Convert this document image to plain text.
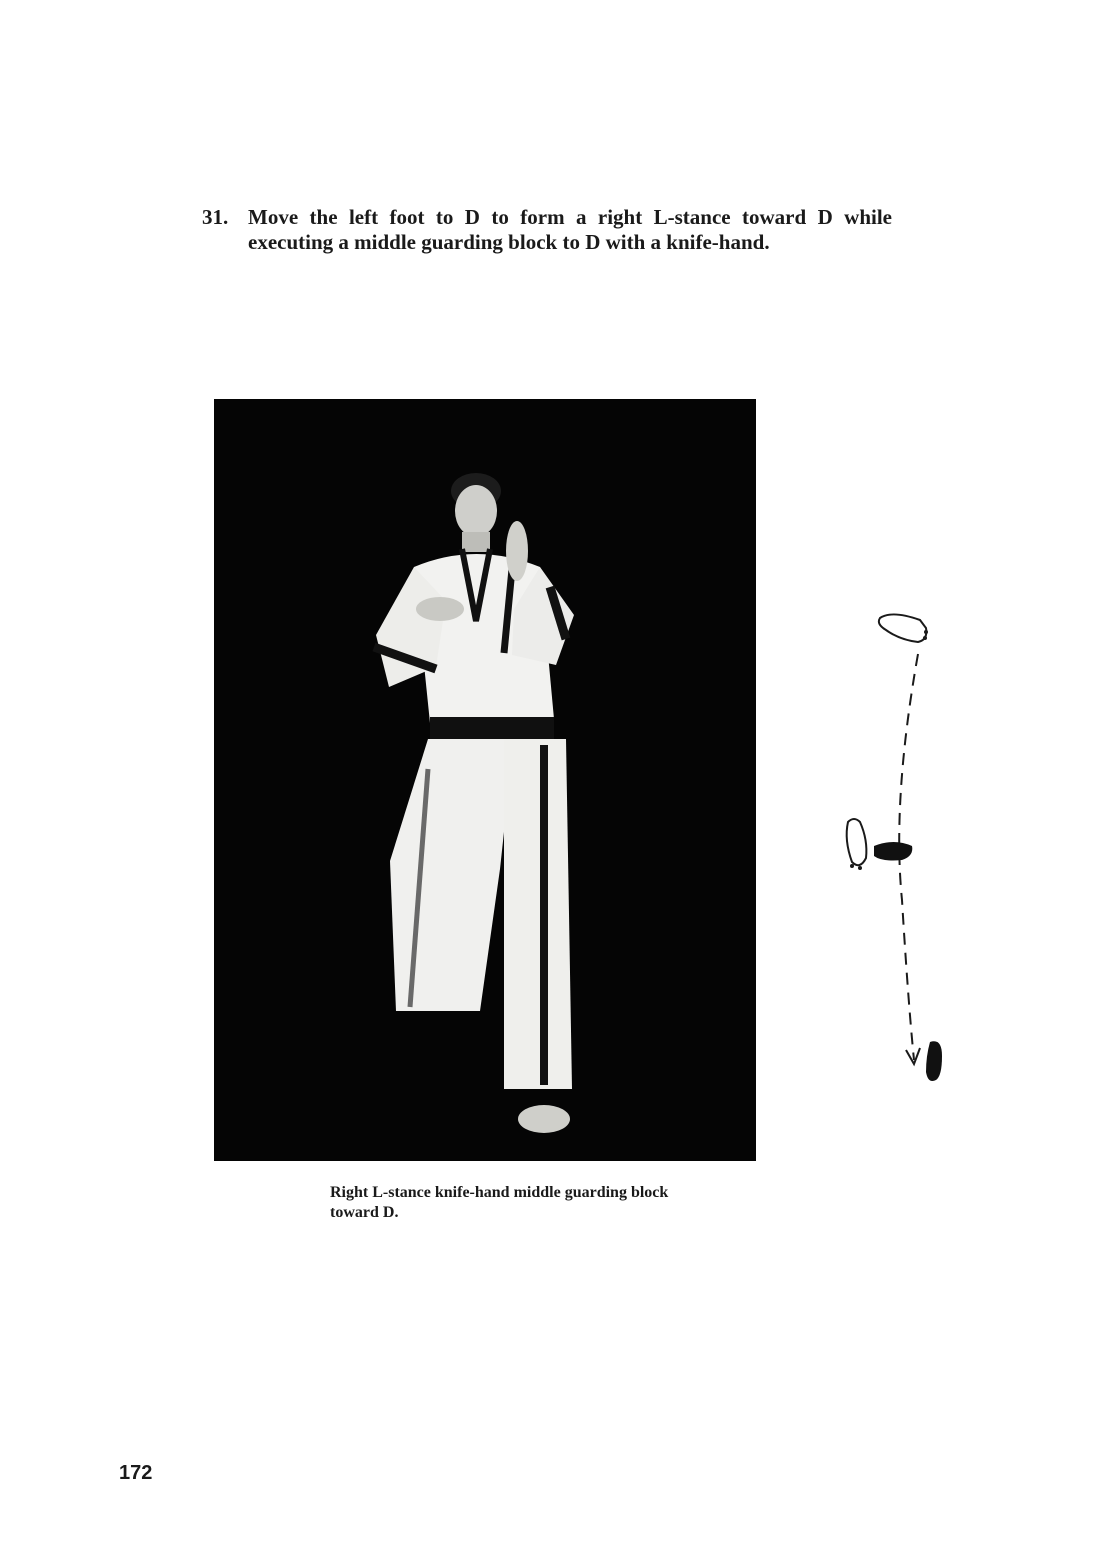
31. Move the left foot to D to form a right L-stance toward D while executing a middle guarding block to D with a knife-hand.
Right L-stance knife-hand middle guarding block toward D.
172
